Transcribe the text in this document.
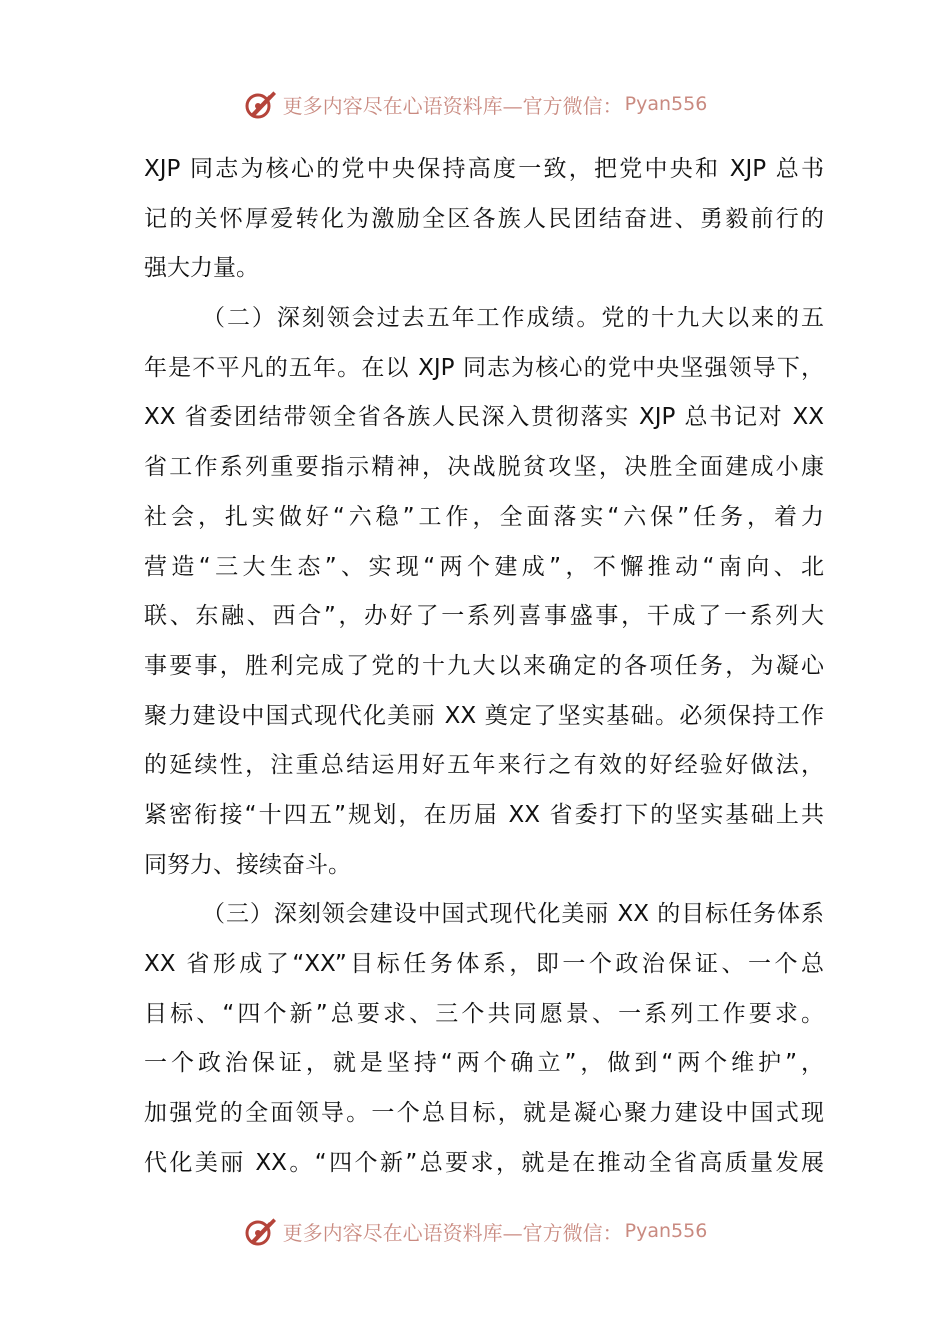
更多内容尽在心语资料库—官方微信： Pyan556
XJP 同志为核心的党中央保持高度一致，把党中央和 XJP 总书
记的关怀厚爱转化为激励全区各族人民团结奋进、勇毅前行的
强大力量。
（二）深刻领会过去五年工作成绩。党的十九大以来的五
年是不平凡的五年。在以 XJP 同志为核心的党中央坚强领导下，
XX 省委团结带领全省各族人民深入贯彻落实 XJP 总书记对 XX
省工作系列重要指示精神，决战脱贫攻坚，决胜全面建成小康
社会，扎实做好“六稳”工作，全面落实“六保”任务，着力
营造“三大生态”、实现“两个建成”，不懈推动“南向、北
联、东融、西合”，办好了一系列喜事盛事，干成了一系列大
事要事，胜利完成了党的十九大以来确定的各项任务，为凝心
聚力建设中国式现代化美丽 XX 奠定了坚实基础。必须保持工作
的延续性，注重总结运用好五年来行之有效的好经验好做法，
紧密衔接“十四五”规划，在历届 XX 省委打下的坚实基础上共
同努力、接续奋斗。
（三）深刻领会建设中国式现代化美丽 XX 的目标任务体系
XX 省形成了“XX”目标任务体系，即一个政治保证、一个总
目标、“四个新”总要求、三个共同愿景、一系列工作要求。
一个政治保证，就是坚持“两个确立”，做到“两个维护”，
加强党的全面领导。一个总目标，就是凝心聚力建设中国式现
代化美丽 XX。“四个新”总要求，就是在推动全省高质量发展
更多内容尽在心语资料库—官方微信： Pyan556
